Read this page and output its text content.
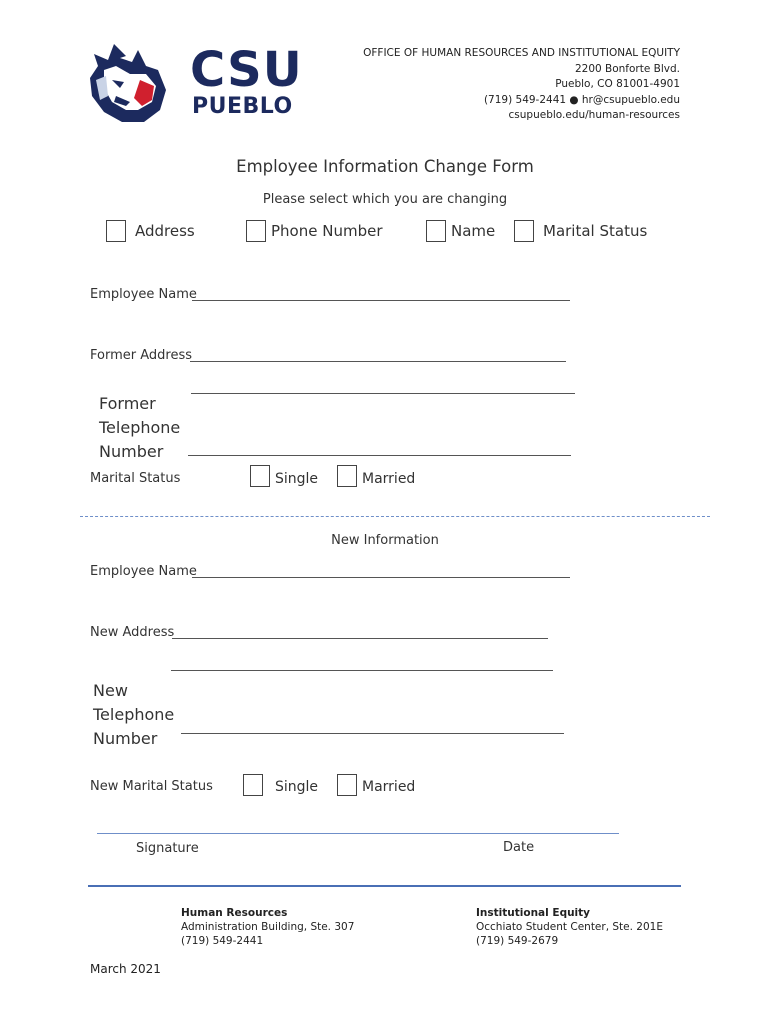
CSU
PUEBLO
OFFICE OF HUMAN RESOURCES AND INSTITUTIONAL EQUITY
2200 Bonforte Blvd.
Pueblo, CO 81001-4901
(719) 549-2441 ● hr@csupueblo.edu
csupueblo.edu/human-resources
Employee Information Change Form
Please select which you are changing
Address	Phone Number	Name	Marital Status
Employee Name
Former Address
Former
Telephone
Number
Marital Status	Single	Married
New Information
Employee Name
New Address
New
Telephone
Number
New Marital Status	Single	Married
Signature	Date
Human Resources
Administration Building, Ste. 307
(719) 549-2441
Institutional Equity
Occhiato Student Center, Ste. 201E
(719) 549-2679
March 2021
